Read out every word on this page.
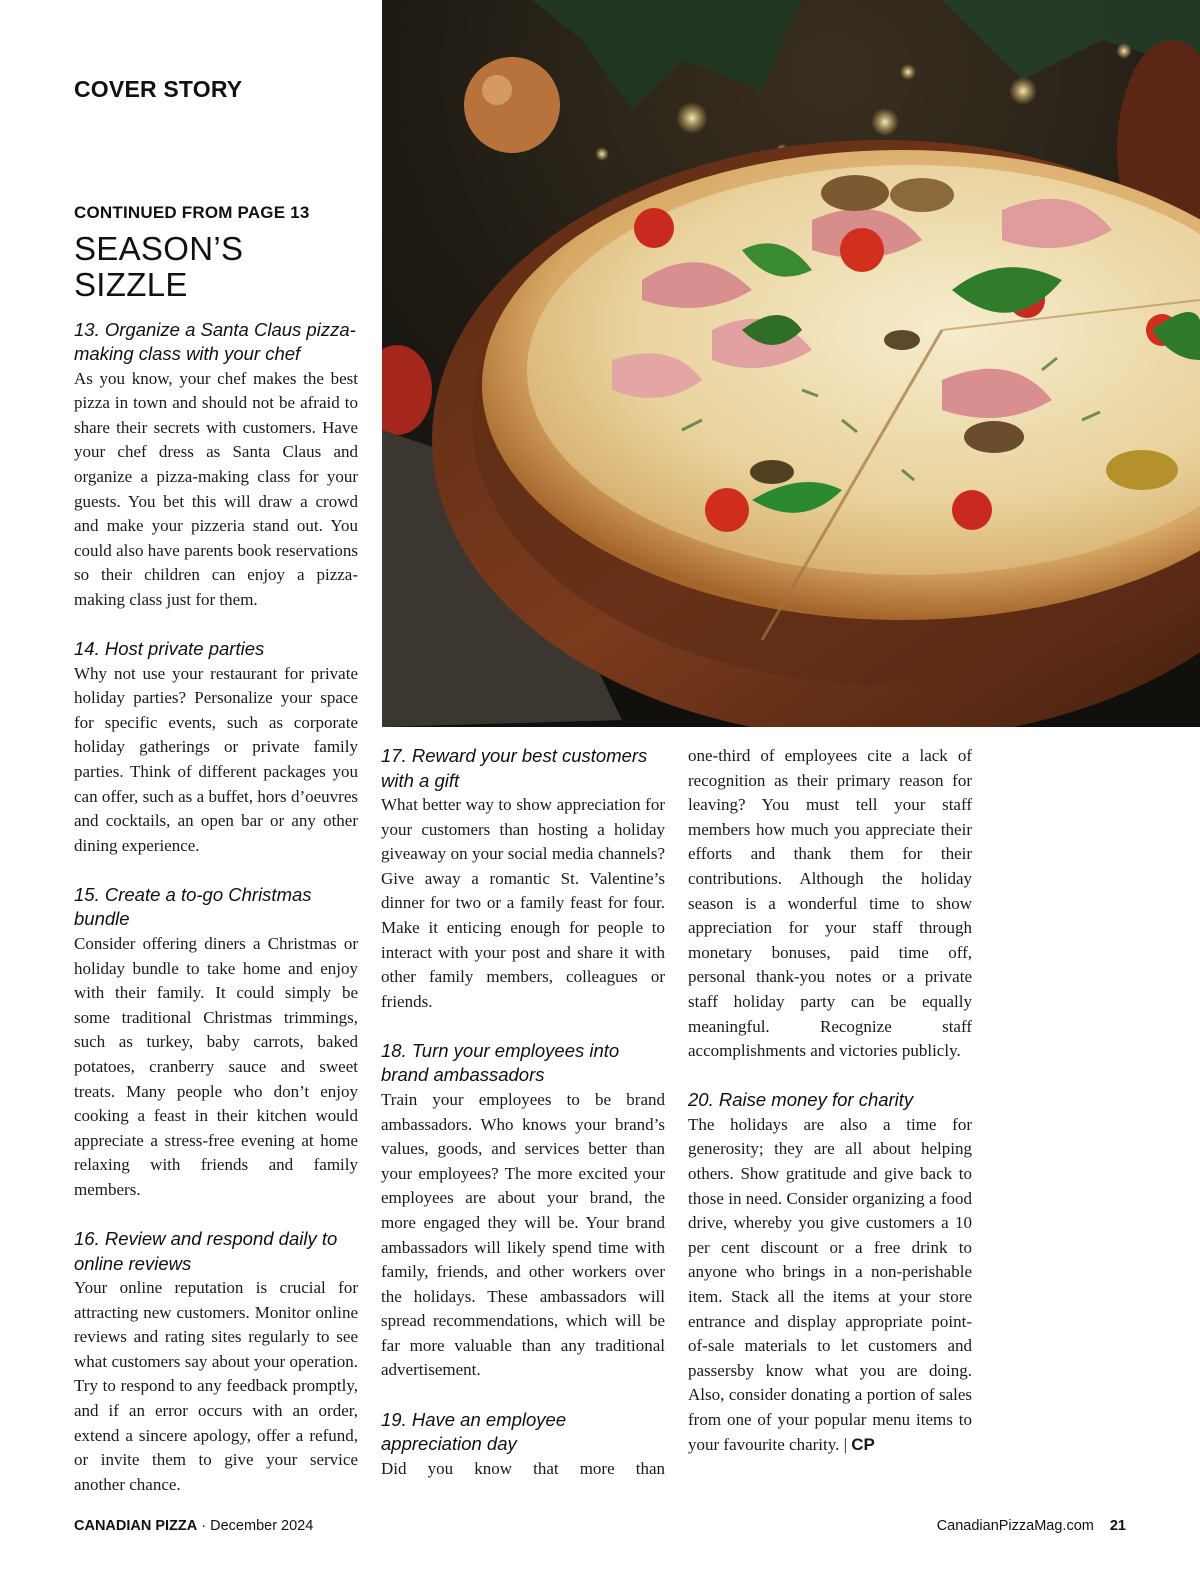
COVER STORY
CONTINUED FROM PAGE 13
SEASON’S SIZZLE
13. Organize a Santa Claus pizza-making class with your chef

As you know, your chef makes the best pizza in town and should not be afraid to share their secrets with customers. Have your chef dress as Santa Claus and organize a pizza-making class for your guests. You bet this will draw a crowd and make your pizzeria stand out. You could also have parents book reservations so their children can enjoy a pizza-making class just for them.

14. Host private parties

Why not use your restaurant for private holiday parties? Personalize your space for specific events, such as corporate holiday gatherings or private family parties. Think of different packages you can offer, such as a buffet, hors d’oeuvres and cocktails, an open bar or any other dining experience.

15. Create a to-go Christmas bundle

Consider offering diners a Christmas or holiday bundle to take home and enjoy with their family. It could simply be some traditional Christmas trimmings, such as turkey, baby carrots, baked potatoes, cranberry sauce and sweet treats. Many people who don’t enjoy cooking a feast in their kitchen would appreciate a stress-free evening at home relaxing with friends and family members.

16. Review and respond daily to online reviews

Your online reputation is crucial for attracting new customers. Monitor online reviews and rating sites regularly to see what customers say about your operation. Try to respond to any feedback promptly, and if an error occurs with an order, extend a sincere apology, offer a refund, or invite them to give your service another chance.

17. Reward your best customers with a gift

What better way to show appreciation for your customers than hosting a holiday giveaway on your social media channels? Give away a romantic St. Valentine’s dinner for two or a family feast for four. Make it enticing enough for people to interact with your post and share it with other family members, colleagues or friends.

18. Turn your employees into brand ambassadors

Train your employees to be brand ambassadors. Who knows your brand’s values, goods, and services better than your employees? The more excited your employees are about your brand, the more engaged they will be. Your brand ambassadors will likely spend time with family, friends, and other workers over the holidays. These ambassadors will spread recommendations, which will be far more valuable than any traditional advertisement.

19. Have an employee appreciation day

Did you know that more than

one-third of employees cite a lack of recognition as their primary reason for leaving? You must tell your staff members how much you appreciate their efforts and thank them for their contributions. Although the holiday season is a wonderful time to show appreciation for your staff through monetary bonuses, paid time off, personal thank-you notes or a private staff holiday party can be equally meaningful. Recognize staff accomplishments and victories publicly.

20. Raise money for charity

The holidays are also a time for generosity; they are all about helping others. Show gratitude and give back to those in need. Consider organizing a food drive, whereby you give customers a 10 per cent discount or a free drink to anyone who brings in a non-perishable item. Stack all the items at your store entrance and display appropriate point-of-sale materials to let customers and passersby know what you are doing. Also, consider donating a portion of sales from one of your popular menu items to your favourite charity. | CP

CANADIAN PIZZA · December 2024	CanadianPizzaMag.com 21
